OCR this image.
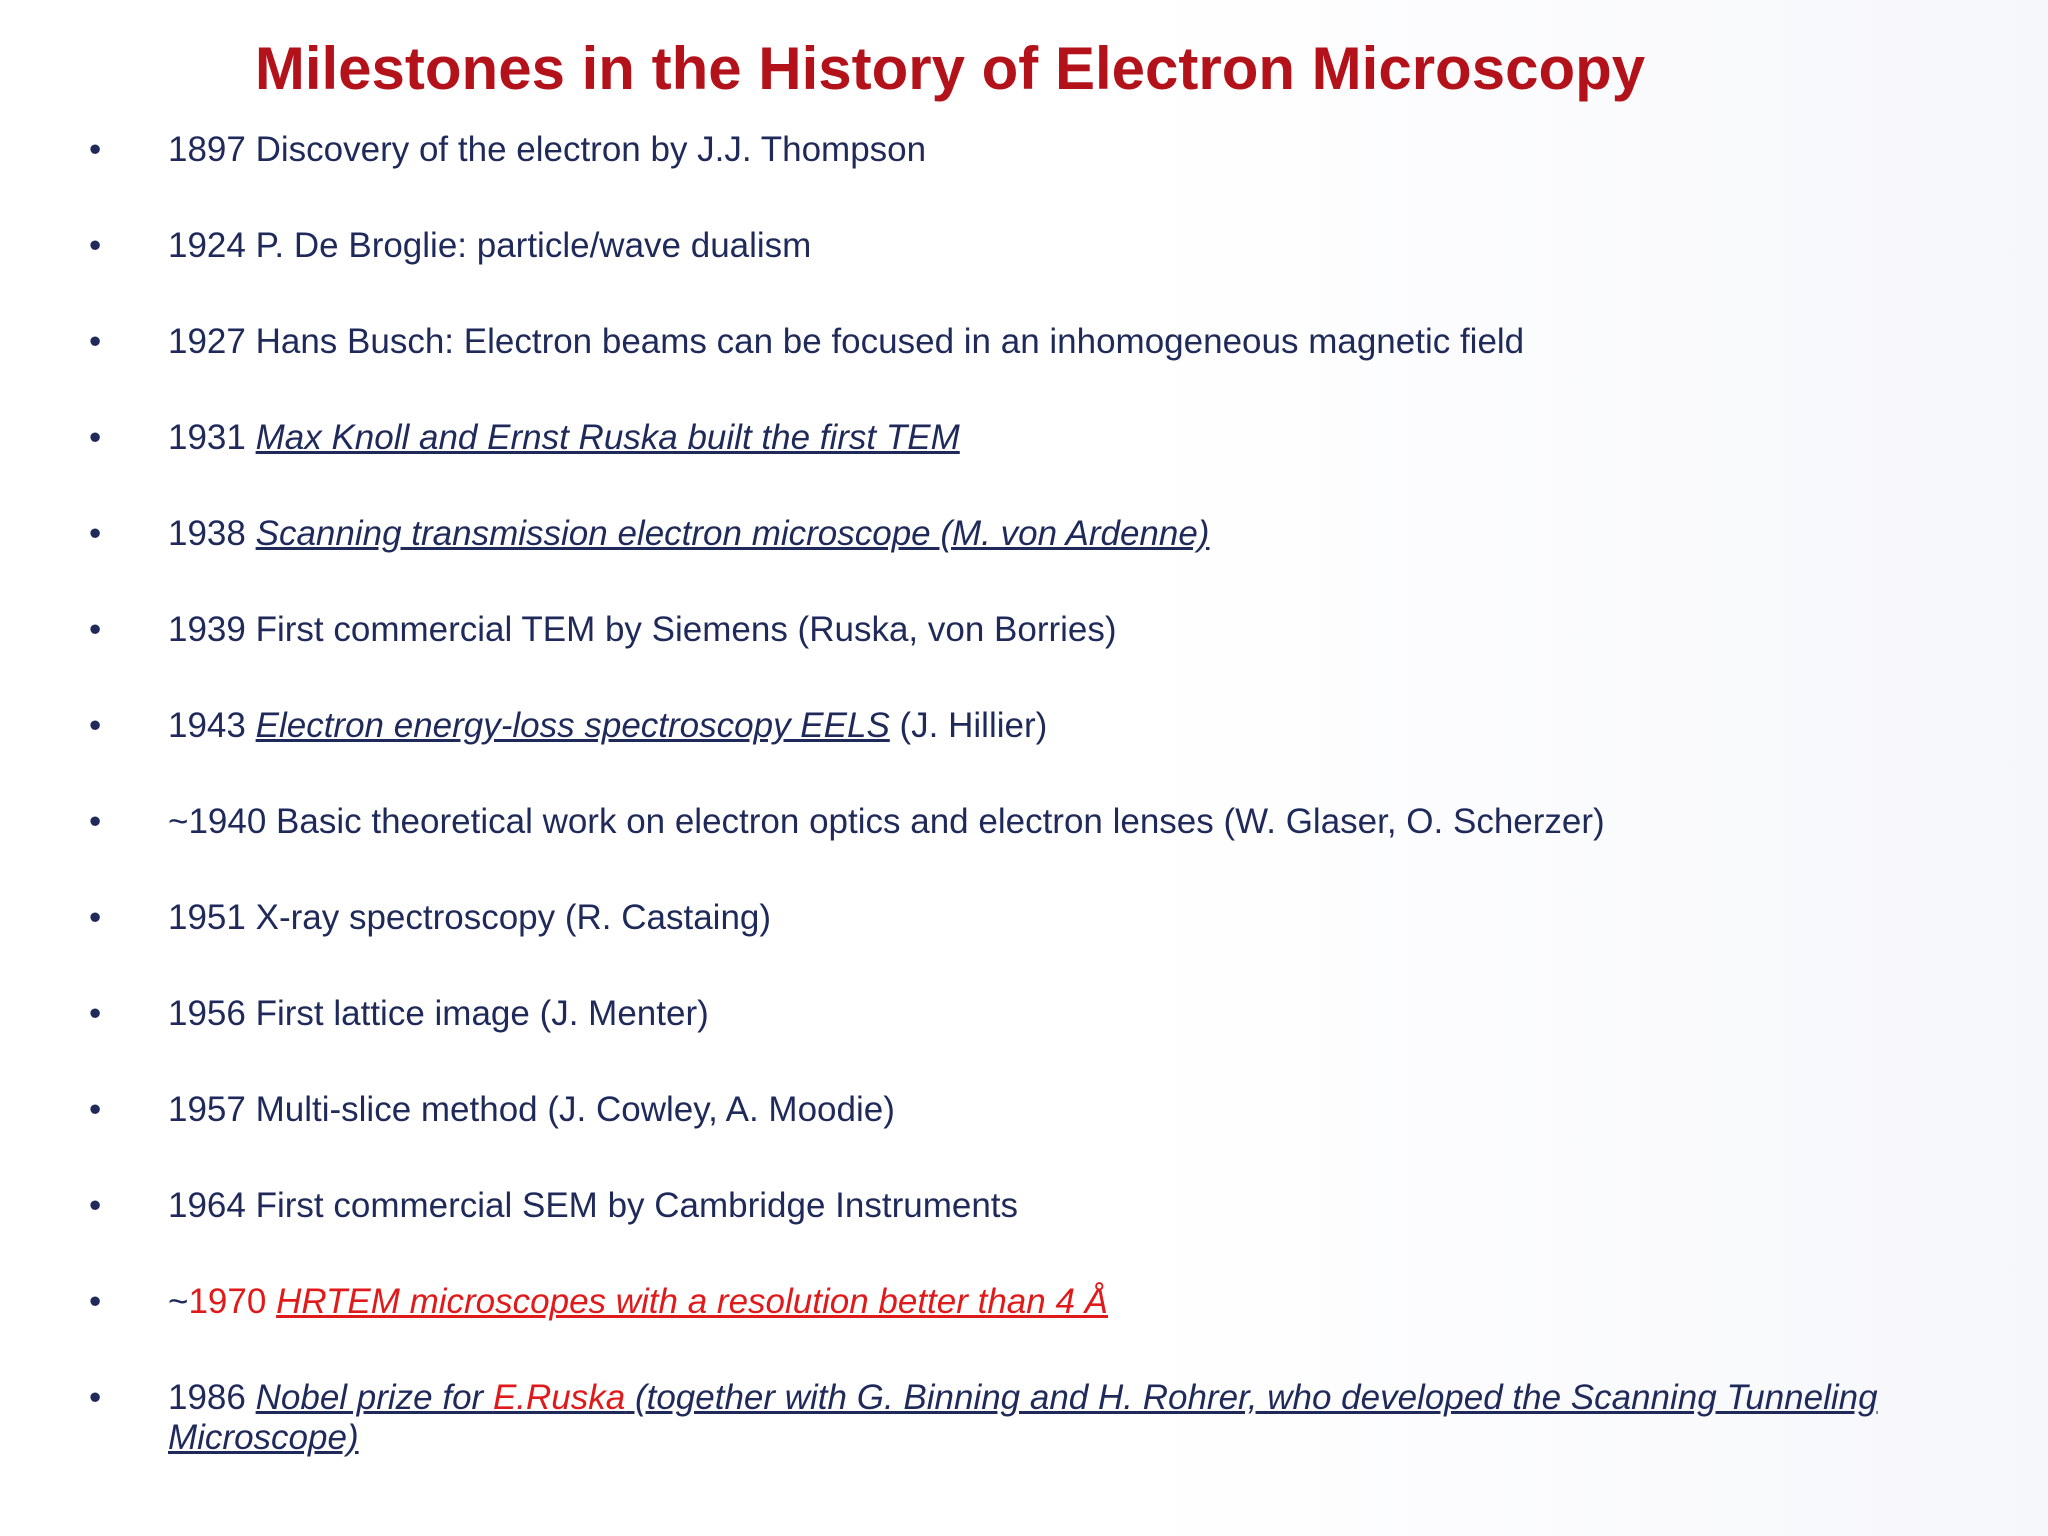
Milestones in the History of Electron Microscopy
• 1897 Discovery of the electron by J.J. Thompson
• 1924 P. De Broglie: particle/wave dualism
• 1927 Hans Busch: Electron beams can be focused in an inhomogeneous magnetic field
• 1931 Max Knoll and Ernst Ruska built the first TEM
• 1938 Scanning transmission electron microscope (M. von Ardenne)
• 1939 First commercial TEM by Siemens (Ruska, von Borries)
• 1943 Electron energy-loss spectroscopy EELS (J. Hillier)
• ~1940 Basic theoretical work on electron optics and electron lenses (W. Glaser, O. Scherzer)
• 1951 X-ray spectroscopy (R. Castaing)
• 1956 First lattice image (J. Menter)
• 1957 Multi-slice method (J. Cowley, A. Moodie)
• 1964 First commercial SEM by Cambridge Instruments
• ~1970 HRTEM microscopes with a resolution better than 4 Å
• 1986 Nobel prize for E.Ruska (together with G. Binning and H. Rohrer, who developed the Scanning Tunneling
Microscope)
